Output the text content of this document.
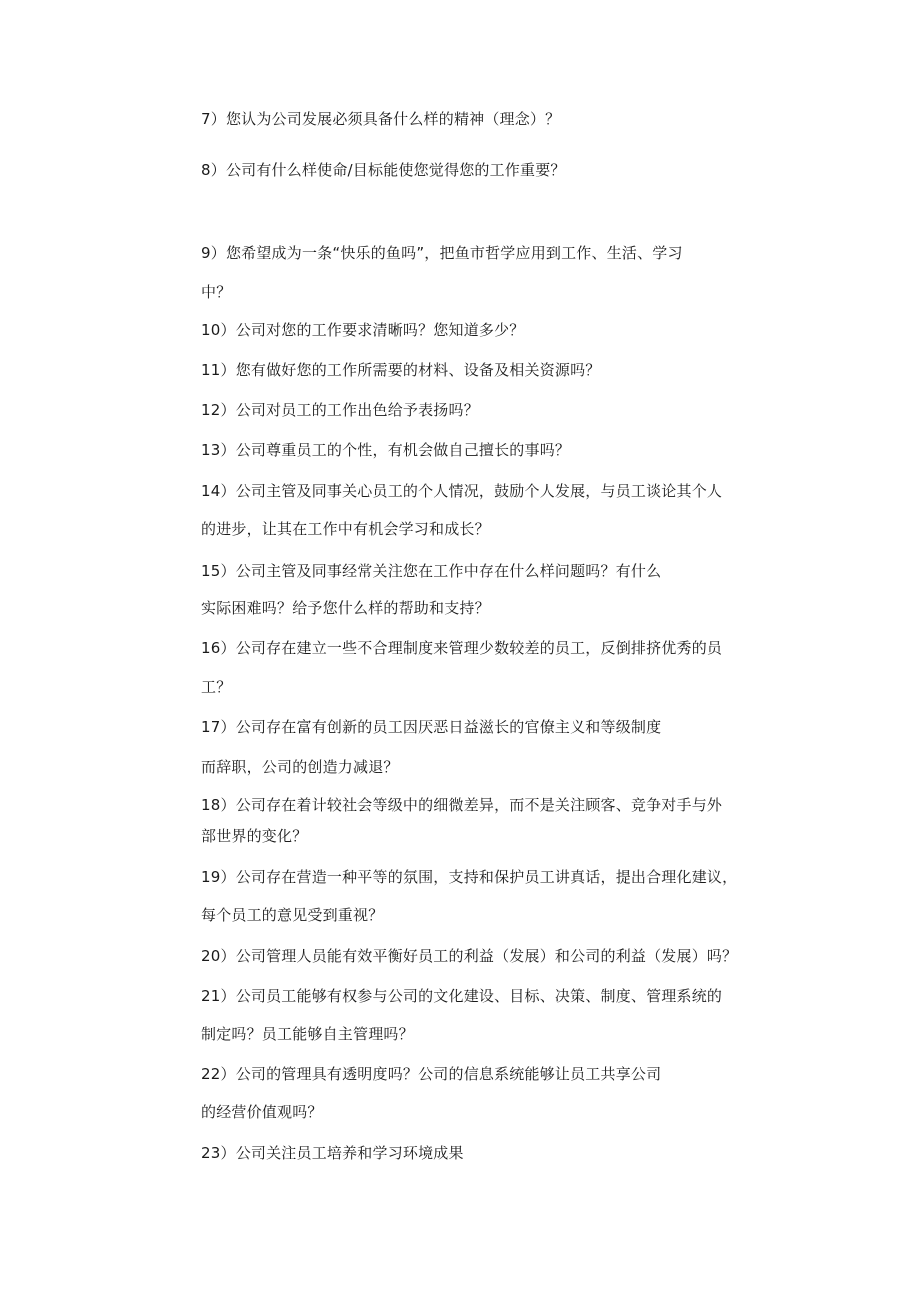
7）您认为公司发展必须具备什么样的精神（理念）？
8）公司有什么样使命/目标能使您觉得您的工作重要？
9）您希望成为一条“快乐的鱼吗”，把鱼市哲学应用到工作、生活、学习
中？
10）公司对您的工作要求清晰吗？您知道多少？
11）您有做好您的工作所需要的材料、设备及相关资源吗？
12）公司对员工的工作出色给予表扬吗？
13）公司尊重员工的个性，有机会做自己擅长的事吗？
14）公司主管及同事关心员工的个人情况，鼓励个人发展，与员工谈论其个人
的进步，让其在工作中有机会学习和成长？
15）公司主管及同事经常关注您在工作中存在什么样问题吗？有什么
实际困难吗？给予您什么样的帮助和支持？
16）公司存在建立一些不合理制度来管理少数较差的员工，反倒排挤优秀的员
工？
17）公司存在富有创新的员工因厌恶日益滋长的官僚主义和等级制度
而辞职，公司的创造力减退？
18）公司存在着计较社会等级中的细微差异，而不是关注顾客、竞争对手与外
部世界的变化？
19）公司存在营造一种平等的氛围，支持和保护员工讲真话，提出合理化建议，
每个员工的意见受到重视？
20）公司管理人员能有效平衡好员工的利益（发展）和公司的利益（发展）吗？
21）公司员工能够有权参与公司的文化建设、目标、决策、制度、管理系统的
制定吗？员工能够自主管理吗？
22）公司的管理具有透明度吗？公司的信息系统能够让员工共享公司
的经营价值观吗？
23）公司关注员工培养和学习环境成果
